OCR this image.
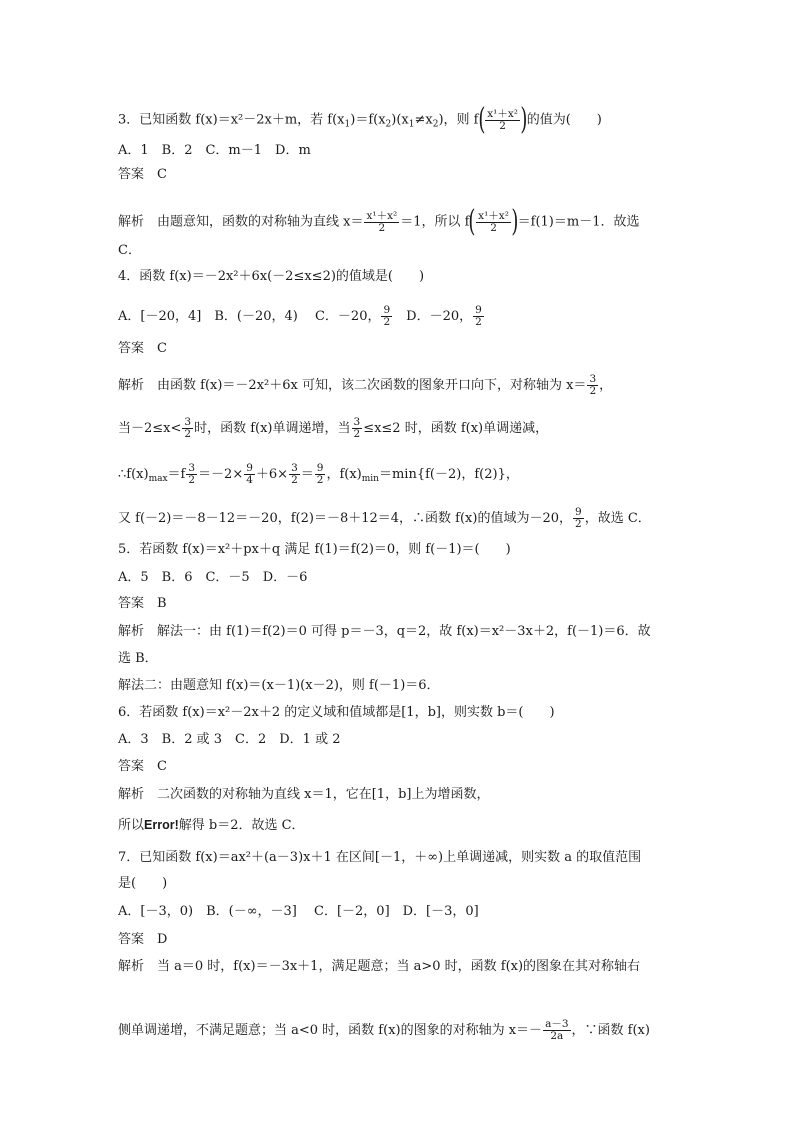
3．已知函数 f(x)＝x²－2x＋m，若 $f(x_1)=f(x_2)(x_1\ne x_2)$，则 $f( \frac{\text{x¹＋x²}}{2}$ )的值为(　　)
A．1　B．2　C．m－1　D．m
答案　C
解析　由题意知，函数的对称轴为直线 $x= \frac{\text{x¹＋x²}}{2} =1$，所以 $f( \frac{\text{x¹＋x²}}{2} )=f(1)=m-1$．故选
C．
4．函数 f(x)＝－2x²＋6x(－2≤x≤2)的值域是(　　)
A．[－20，4]　B．(－20，4)　 C．－20， $\frac{9}{2}$ 　D．－20， $\frac{9}{2}$
答案　C
解析　由函数 f(x)＝－2x²＋6x 可知，该二次函数的图象开口向下，对称轴为 $x= \frac{3}{2}$ ，
当$-2\le x< \frac{3}{2}$ 时，函数 f(x)单调递增，当 $\frac{3}{2} \le x\le 2$ 时，函数 f(x)单调递减，
$\therefore f(x)_{max}=f \frac{3}{2} =-2\times \frac{9}{4} +6\times \frac{3}{2} = \frac{9}{2}$ ，$f(x)_{min}=\min\{f(-2)$，f(2)}，
又 f(－2)＝－8－12＝－20，f(2)＝－8＋12＝4，∴函数 f(x)的值域为－20， $\frac{9}{2}$ ，故选 C．
5．若函数 f(x)＝x²＋px＋q 满足 f(1)＝f(2)＝0，则 f(－1)＝(　　)
A．5　B．6　C．－5　D．－6
答案　B
解析　解法一：由 f(1)＝f(2)＝0 可得 p＝－3，q＝2，故 f(x)＝x²－3x＋2，f(－1)＝6．故
选 B．
解法二：由题意知 f(x)＝(x－1)(x－2)，则 f(－1)＝6．
6．若函数 f(x)＝x²－2x＋2 的定义域和值域都是[1，b]，则实数 b＝(　　)
A．3　B．2 或 3　C．2　D．1 或 2
答案　C
解析　二次函数的对称轴为直线 x＝1，它在[1，b]上为增函数，
所以Error!解得 b＝2．故选 C．
7．已知函数 f(x)＝ax²＋(a－3)x＋1 在区间[－1，＋∞)上单调递减，则实数 a 的取值范围
是(　　)
A．[－3，0)　B．(－∞，－3]　 C．[－2，0]　D．[－3，0]
答案　D
解析　当 a＝0 时，f(x)＝－3x＋1，满足题意；当 a>0 时，函数 f(x)的图象在其对称轴右
侧单调递增，不满足题意；当 a<0 时，函数 f(x)的图象的对称轴为 $x=- \frac{a-3}{2a}$ ，∵函数 f(x)
